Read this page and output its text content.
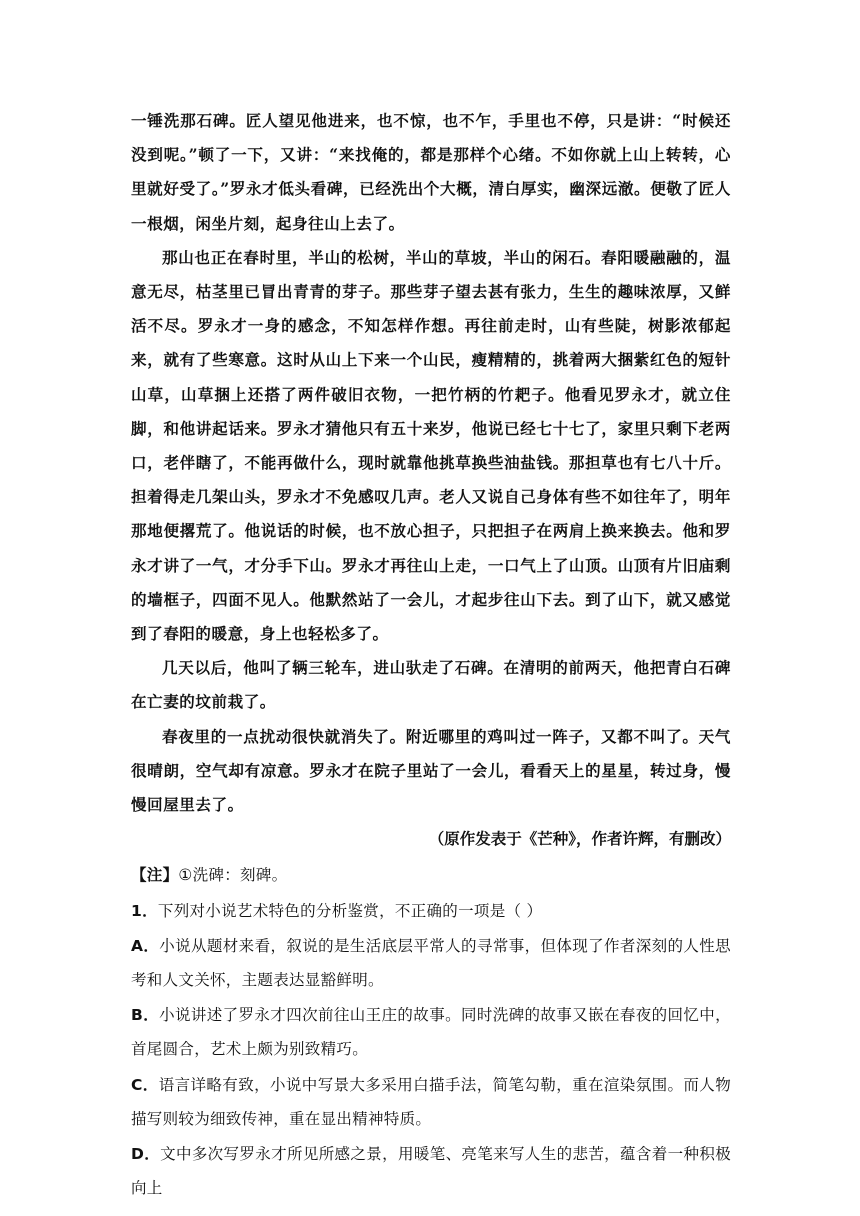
一锤洗那石碑。匠人望见他进来，也不惊，也不乍，手里也不停，只是讲：“时候还没到呢。”顿了一下，又讲：“来找俺的，都是那样个心绪。不如你就上山上转转，心里就好受了。”罗永才低头看碑，已经洗出个大概，清白厚实，幽深远澈。便敬了匠人一根烟，闲坐片刻，起身往山上去了。

那山也正在春时里，半山的松树，半山的草坡，半山的闲石。春阳暖融融的，温意无尽，枯茎里已冒出青青的芽子。那些芽子望去甚有张力，生生的趣味浓厚，又鲜活不尽。罗永才一身的感念，不知怎样作想。再往前走时，山有些陡，树影浓郁起来，就有了些寒意。这时从山上下来一个山民，瘦精精的，挑着两大捆紫红色的短针山草，山草捆上还搭了两件破旧衣物，一把竹柄的竹耙子。他看见罗永才，就立住脚，和他讲起话来。罗永才猜他只有五十来岁，他说已经七十七了，家里只剩下老两口，老伴瞎了，不能再做什么，现时就靠他挑草换些油盐钱。那担草也有七八十斤。担着得走几架山头，罗永才不免感叹几声。老人又说自己身体有些不如往年了，明年那地便撂荒了。他说话的时候，也不放心担子，只把担子在两肩上换来换去。他和罗永才讲了一气，才分手下山。罗永才再往山上走，一口气上了山顶。山顶有片旧庙剩的墙框子，四面不见人。他默然站了一会儿，才起步往山下去。到了山下，就又感觉到了春阳的暖意，身上也轻松多了。

几天以后，他叫了辆三轮车，进山驮走了石碑。在清明的前两天，他把青白石碑在亡妻的坟前栽了。

春夜里的一点扰动很快就消失了。附近哪里的鸡叫过一阵子，又都不叫了。天气很晴朗，空气却有凉意。罗永才在院子里站了一会儿，看看天上的星星，转过身，慢慢回屋里去了。

（原作发表于《芒种》，作者许辉，有删改）

【注】①洗碑：刻碑。

1．下列对小说艺术特色的分析鉴赏，不正确的一项是（ ）

A．小说从题材来看，叙说的是生活底层平常人的寻常事，但体现了作者深刻的人性思考和人文关怀，主题表达显豁鲜明。

B．小说讲述了罗永才四次前往山王庄的故事。同时洗碑的故事又嵌在春夜的回忆中，首尾圆合，艺术上颇为别致精巧。

C．语言详略有致，小说中写景大多采用白描手法，简笔勾勒，重在渲染氛围。而人物描写则较为细致传神，重在显出精神特质。

D．文中多次写罗永才所见所感之景，用暖笔、亮笔来写人生的悲苦，蕴含着一种积极向上
